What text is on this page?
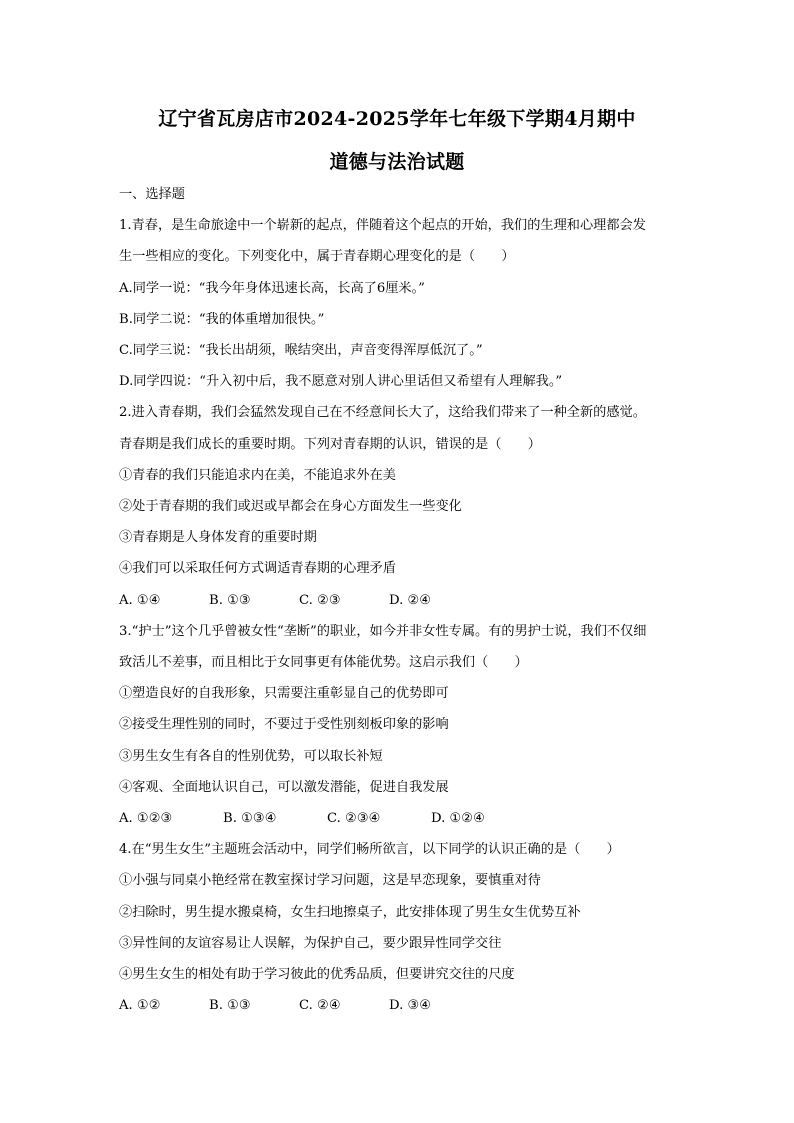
辽宁省瓦房店市2024-2025学年七年级下学期4月期中
道德与法治试题
一、选择题
1.青春，是生命旅途中一个崭新的起点，伴随着这个起点的开始，我们的生理和心理都会发
生一些相应的变化。下列变化中，属于青春期心理变化的是（　　）
A.同学一说：“我今年身体迅速长高，长高了6厘米。”
B.同学二说：“我的体重增加很快。”
C.同学三说：“我长出胡须，喉结突出，声音变得浑厚低沉了。”
D.同学四说：“升入初中后，我不愿意对别人讲心里话但又希望有人理解我。”
2.进入青春期，我们会猛然发现自己在不经意间长大了，这给我们带来了一种全新的感觉。
青春期是我们成长的重要时期。下列对青春期的认识，错误的是（　　）
①青春的我们只能追求内在美，不能追求外在美
②处于青春期的我们或迟或早都会在身心方面发生一些变化
③青春期是人身体发育的重要时期
④我们可以采取任何方式调适青春期的心理矛盾
A. ①④	B. ①③	C. ②③	D. ②④
3.“护士”这个几乎曾被女性“垄断”的职业，如今并非女性专属。有的男护士说，我们不仅细
致活儿不差事，而且相比于女同事更有体能优势。这启示我们（　　）
①塑造良好的自我形象，只需要注重彰显自己的优势即可
②接受生理性别的同时，不要过于受性别刻板印象的影响
③男生女生有各自的性别优势，可以取长补短
④客观、全面地认识自己，可以激发潜能，促进自我发展
A. ①②③	B. ①③④	C. ②③④	D. ①②④
4.在“男生女生”主题班会活动中，同学们畅所欲言，以下同学的认识正确的是（　　）
①小强与同桌小艳经常在教室探讨学习问题，这是早恋现象，要慎重对待
②扫除时，男生提水搬桌椅，女生扫地擦桌子，此安排体现了男生女生优势互补
③异性间的友谊容易让人误解，为保护自己，要少跟异性同学交往
④男生女生的相处有助于学习彼此的优秀品质，但要讲究交往的尺度
A. ①②	B. ①③	C. ②④	D. ③④
